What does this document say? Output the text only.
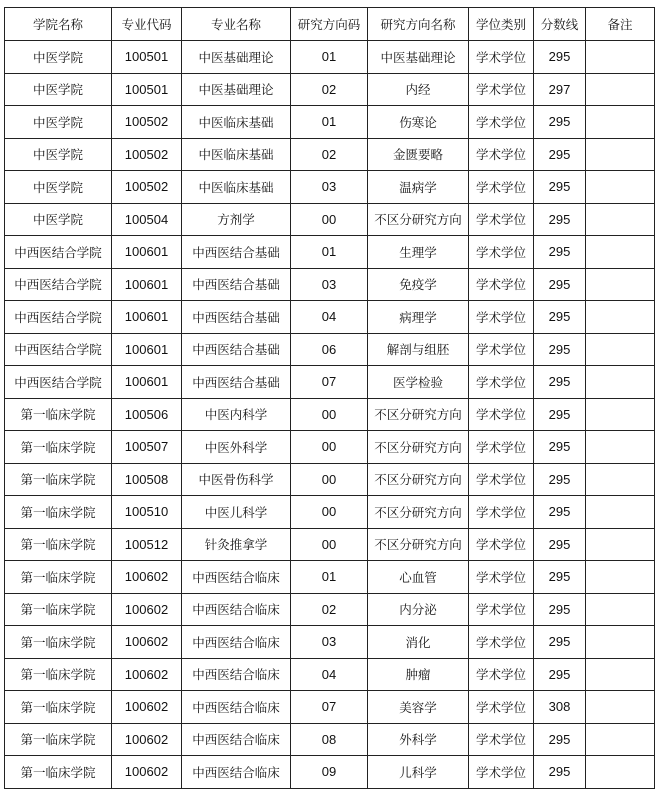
学院名称	专业代码	专业名称	研究方向码	研究方向名称	学位类别	分数线	备注
中医学院	100501	中医基础理论	01	中医基础理论	学术学位	295	
中医学院	100501	中医基础理论	02	内经	学术学位	297	
中医学院	100502	中医临床基础	01	伤寒论	学术学位	295	
中医学院	100502	中医临床基础	02	金匮要略	学术学位	295	
中医学院	100502	中医临床基础	03	温病学	学术学位	295	
中医学院	100504	方剂学	00	不区分研究方向	学术学位	295	
中西医结合学院	100601	中西医结合基础	01	生理学	学术学位	295	
中西医结合学院	100601	中西医结合基础	03	免疫学	学术学位	295	
中西医结合学院	100601	中西医结合基础	04	病理学	学术学位	295	
中西医结合学院	100601	中西医结合基础	06	解剖与组胚	学术学位	295	
中西医结合学院	100601	中西医结合基础	07	医学检验	学术学位	295	
第一临床学院	100506	中医内科学	00	不区分研究方向	学术学位	295	
第一临床学院	100507	中医外科学	00	不区分研究方向	学术学位	295	
第一临床学院	100508	中医骨伤科学	00	不区分研究方向	学术学位	295	
第一临床学院	100510	中医儿科学	00	不区分研究方向	学术学位	295	
第一临床学院	100512	针灸推拿学	00	不区分研究方向	学术学位	295	
第一临床学院	100602	中西医结合临床	01	心血管	学术学位	295	
第一临床学院	100602	中西医结合临床	02	内分泌	学术学位	295	
第一临床学院	100602	中西医结合临床	03	消化	学术学位	295	
第一临床学院	100602	中西医结合临床	04	肿瘤	学术学位	295	
第一临床学院	100602	中西医结合临床	07	美容学	学术学位	308	
第一临床学院	100602	中西医结合临床	08	外科学	学术学位	295	
第一临床学院	100602	中西医结合临床	09	儿科学	学术学位	295	
